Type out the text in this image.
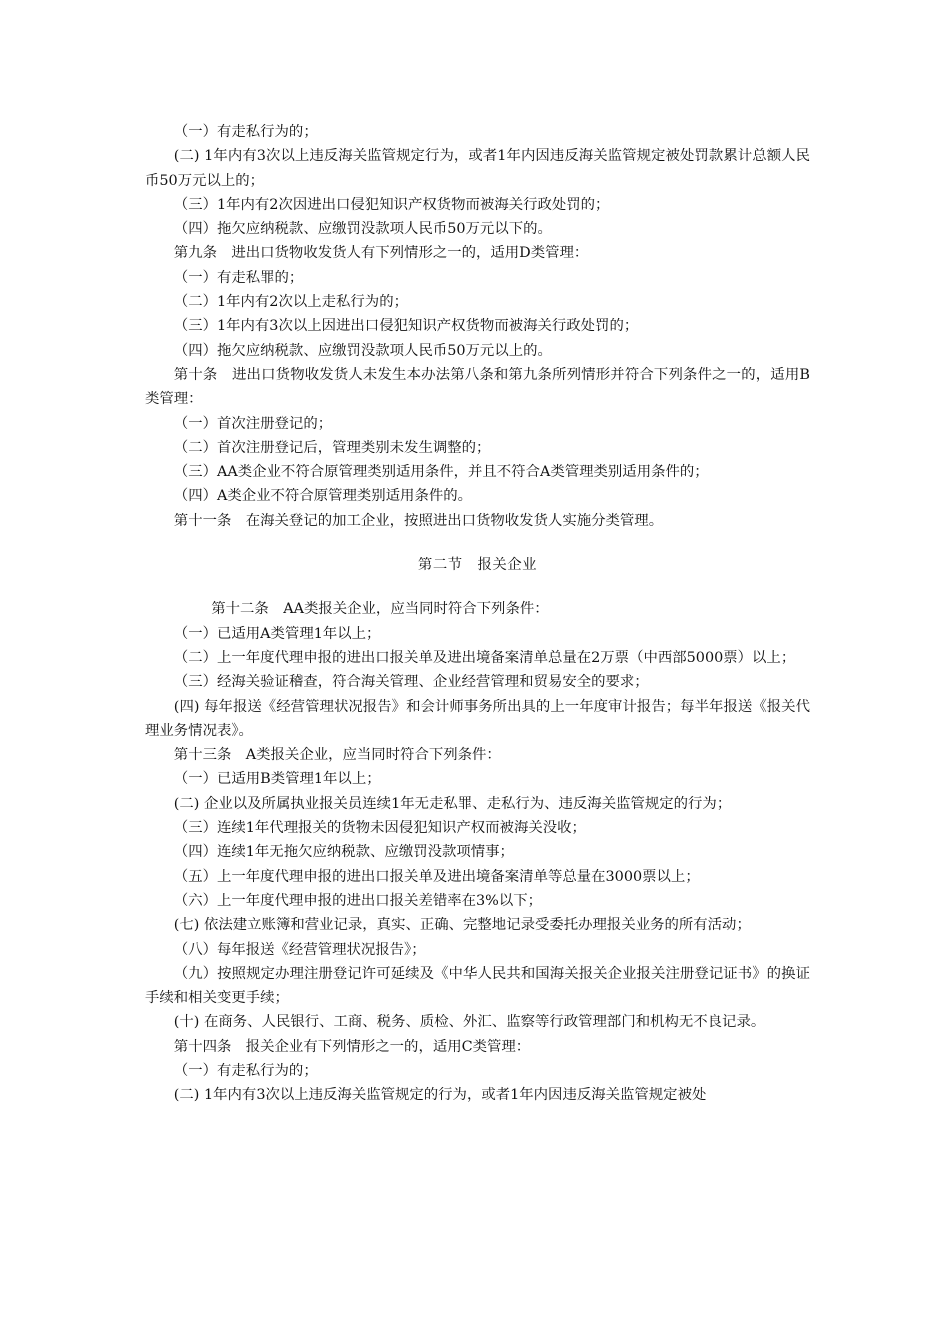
（一）有走私行为的；

(二) 1年内有3次以上违反海关监管规定行为，或者1年内因违反海关监管规定被处罚款累计总额人民币50万元以上的；

（三）1年内有2次因进出口侵犯知识产权货物而被海关行政处罚的；

（四）拖欠应纳税款、应缴罚没款项人民币50万元以下的。

第九条　进出口货物收发货人有下列情形之一的，适用D类管理：

（一）有走私罪的；

（二）1年内有2次以上走私行为的；

（三）1年内有3次以上因进出口侵犯知识产权货物而被海关行政处罚的；

（四）拖欠应纳税款、应缴罚没款项人民币50万元以上的。

第十条　进出口货物收发货人未发生本办法第八条和第九条所列情形并符合下列条件之一的，适用B类管理：

（一）首次注册登记的；

（二）首次注册登记后，管理类别未发生调整的；

（三）AA类企业不符合原管理类别适用条件，并且不符合A类管理类别适用条件的；

（四）A类企业不符合原管理类别适用条件的。

第十一条　在海关登记的加工企业，按照进出口货物收发货人实施分类管理。

第二节　报关企业

第十二条　AA类报关企业，应当同时符合下列条件：

（一）已适用A类管理1年以上；

（二）上一年度代理申报的进出口报关单及进出境备案清单总量在2万票（中西部5000票）以上；

（三）经海关验证稽查，符合海关管理、企业经营管理和贸易安全的要求；

(四) 每年报送《经营管理状况报告》和会计师事务所出具的上一年度审计报告；每半年报送《报关代理业务情况表》。

第十三条　A类报关企业，应当同时符合下列条件：

（一）已适用B类管理1年以上；

(二) 企业以及所属执业报关员连续1年无走私罪、走私行为、违反海关监管规定的行为；

（三）连续1年代理报关的货物未因侵犯知识产权而被海关没收；

（四）连续1年无拖欠应纳税款、应缴罚没款项情事；

（五）上一年度代理申报的进出口报关单及进出境备案清单等总量在3000票以上；

（六）上一年度代理申报的进出口报关差错率在3%以下；

(七) 依法建立账簿和营业记录，真实、正确、完整地记录受委托办理报关业务的所有活动；

（八）每年报送《经营管理状况报告》；

（九）按照规定办理注册登记许可延续及《中华人民共和国海关报关企业报关注册登记证书》的换证手续和相关变更手续；

(十) 在商务、人民银行、工商、税务、质检、外汇、监察等行政管理部门和机构无不良记录。

第十四条　报关企业有下列情形之一的，适用C类管理：

（一）有走私行为的；

(二) 1年内有3次以上违反海关监管规定的行为，或者1年内因违反海关监管规定被处
